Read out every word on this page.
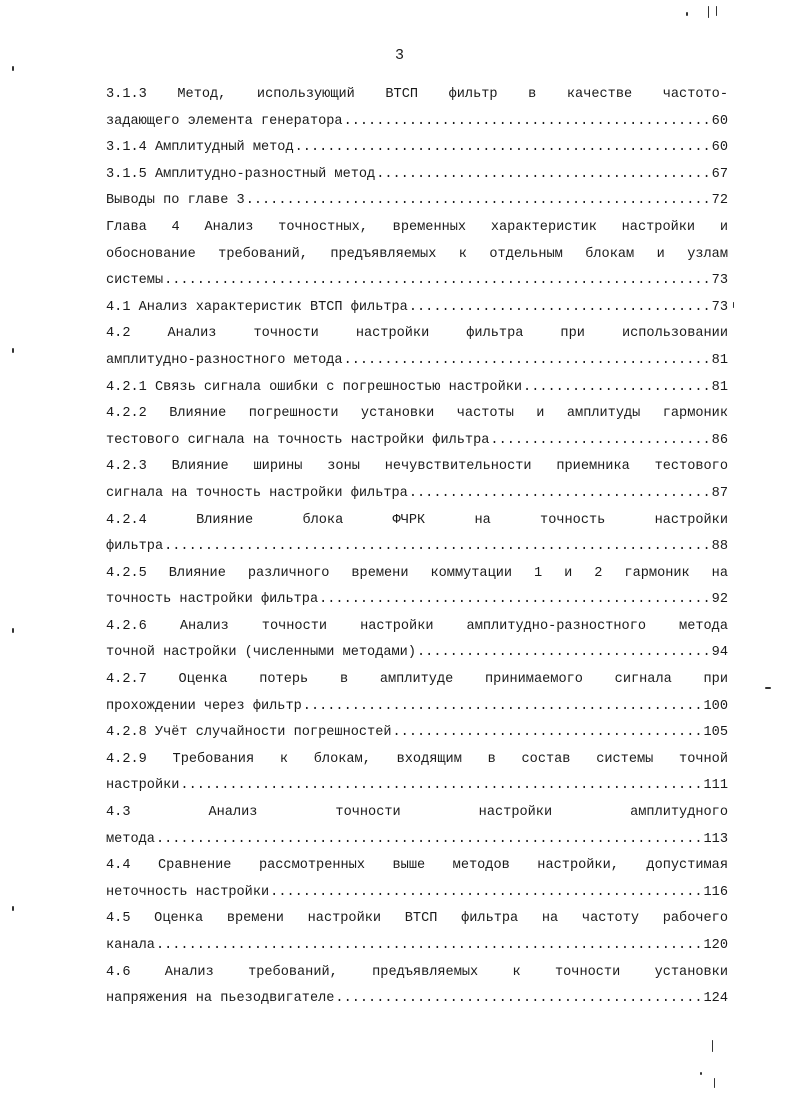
3
3.1.3 Метод, использующий ВТСП фильтр в качестве частото-
задающего элемента генератора .....	60
3.1.4 Амплитудный метод .....	60
3.1.5 Амплитудно-разностный метод .....	67
Выводы по главе 3 .....	72
Глава 4 Анализ точностных, временных характеристик настройки и
обоснование требований, предъявляемых к отдельным блокам и узлам
системы .....	73
4.1 Анализ характеристик ВТСП фильтра .....	73
4.2 Анализ точности настройки фильтра при использовании
амплитудно-разностного метода .....	81
4.2.1 Связь сигнала ошибки с погрешностью настройки .....	81
4.2.2 Влияние погрешности установки частоты и амплитуды гармоник
тестового сигнала на точность настройки фильтра .....	86
4.2.3 Влияние ширины зоны нечувствительности приемника тестового
сигнала на точность настройки фильтра .....	87
4.2.4 Влияние блока ФЧРК на точность настройки
фильтра .....	88
4.2.5 Влияние различного времени коммутации 1 и 2 гармоник на
точность настройки фильтра .....	92
4.2.6 Анализ точности настройки амплитудно-разностного метода
точной настройки (численными методами) .....	94
4.2.7 Оценка потерь в амплитуде принимаемого сигнала при
прохождении через фильтр .....	100
4.2.8 Учёт случайности погрешностей .....	105
4.2.9 Требования к блокам, входящим в состав системы точной
настройки .....	111
4.3 Анализ точности настройки амплитудного
метода .....	113
4.4 Сравнение рассмотренных выше методов настройки, допустимая
неточность настройки .....	116
4.5 Оценка времени настройки ВТСП фильтра на частоту рабочего
канала .....	120
4.6 Анализ требований, предъявляемых к точности установки
напряжения на пьезодвигателе .....	124
